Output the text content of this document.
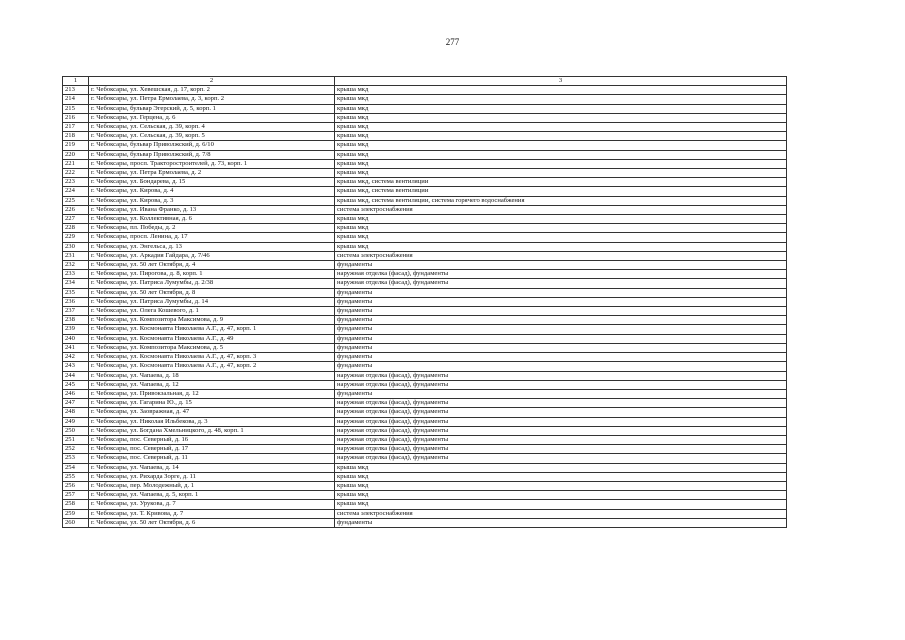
277
1	2	3
213	г. Чебоксары, ул. Хевешская, д. 17, корп. 2	крыша мкд
214	г. Чебоксары, ул. Петра Ермолаева, д. 3, корп. 2	крыша мкд
215	г. Чебоксары, бульвар Эгерский, д. 5, корп. 1	крыша мкд
216	г. Чебоксары, ул. Герцена, д. 6	крыша мкд
217	г. Чебоксары, ул. Сельская, д. 39, корп. 4	крыша мкд
218	г. Чебоксары, ул. Сельская, д. 39, корп. 5	крыша мкд
219	г. Чебоксары, бульвар Приволжский, д. 6/10	крыша мкд
220	г. Чебоксары, бульвар Приволжский, д. 7/8	крыша мкд
221	г. Чебоксары, просп. Тракторостроителей, д. 73, корп. 1	крыша мкд
222	г. Чебоксары, ул. Петра Ермолаева, д. 2	крыша мкд
223	г. Чебоксары, ул. Бондарева, д. 15	крыша мкд, система вентиляции
224	г. Чебоксары, ул. Кирова, д. 4	крыша мкд, система вентиляции
225	г. Чебоксары, ул. Кирова, д. 3	крыша мкд, система вентиляции, система горячего водоснабжения
226	г. Чебоксары, ул. Ивана Франко, д. 13	система электроснабжения
227	г. Чебоксары, ул. Коллективная, д. 6	крыша мкд
228	г. Чебоксары, пл. Победы, д. 2	крыша мкд
229	г. Чебоксары, просп. Ленина, д. 17	крыша мкд
230	г. Чебоксары, ул. Энгельса, д. 13	крыша мкд
231	г. Чебоксары, ул. Аркадия Гайдара, д. 7/46	система электроснабжения
232	г. Чебоксары, ул. 50 лет Октября, д. 4	фундаменты
233	г. Чебоксары, ул. Пирогова, д. 8, корп. 1	наружная отделка (фасад), фундаменты
234	г. Чебоксары, ул. Патриса Лумумбы, д. 2/38	наружная отделка (фасад), фундаменты
235	г. Чебоксары, ул. 50 лет Октября, д. 8	фундаменты
236	г. Чебоксары, ул. Патриса Лумумбы, д. 14	фундаменты
237	г. Чебоксары, ул. Олега Кошевого, д. 1	фундаменты
238	г. Чебоксары, ул. Композитора Максимова, д. 9	фундаменты
239	г. Чебоксары, ул. Космонавта Николаева А.Г., д. 47, корп. 1	фундаменты
240	г. Чебоксары, ул. Космонавта Николаева А.Г., д. 49	фундаменты
241	г. Чебоксары, ул. Композитора Максимова, д. 5	фундаменты
242	г. Чебоксары, ул. Космонавта Николаева А.Г., д. 47, корп. 3	фундаменты
243	г. Чебоксары, ул. Космонавта Николаева А.Г., д. 47, корп. 2	фундаменты
244	г. Чебоксары, ул. Чапаева, д. 18	наружная отделка (фасад), фундаменты
245	г. Чебоксары, ул. Чапаева, д. 12	наружная отделка (фасад), фундаменты
246	г. Чебоксары, ул. Привокзальная, д. 12	фундаменты
247	г. Чебоксары, ул. Гагарина Ю., д. 15	наружная отделка (фасад), фундаменты
248	г. Чебоксары, ул. Заовражная, д. 47	наружная отделка (фасад), фундаменты
249	г. Чебоксары, ул. Николая Ильбекова, д. 3	наружная отделка (фасад), фундаменты
250	г. Чебоксары, ул. Богдана Хмельницкого, д. 48, корп. 1	наружная отделка (фасад), фундаменты
251	г. Чебоксары, пос. Северный, д. 16	наружная отделка (фасад), фундаменты
252	г. Чебоксары, пос. Северный, д. 17	наружная отделка (фасад), фундаменты
253	г. Чебоксары, пос. Северный, д. 11	наружная отделка (фасад), фундаменты
254	г. Чебоксары, ул. Чапаева, д. 14	крыша мкд
255	г. Чебоксары, ул. Рихарда Зорге, д. 11	крыша мкд
256	г. Чебоксары, пер. Молодежный, д. 1	крыша мкд
257	г. Чебоксары, ул. Чапаева, д. 5, корп. 1	крыша мкд
258	г. Чебоксары, ул. Урукова, д. 7	крыша мкд
259	г. Чебоксары, ул. Т. Кривова, д. 7	система электроснабжения
260	г. Чебоксары, ул. 50 лет Октября, д. 6	фундаменты
